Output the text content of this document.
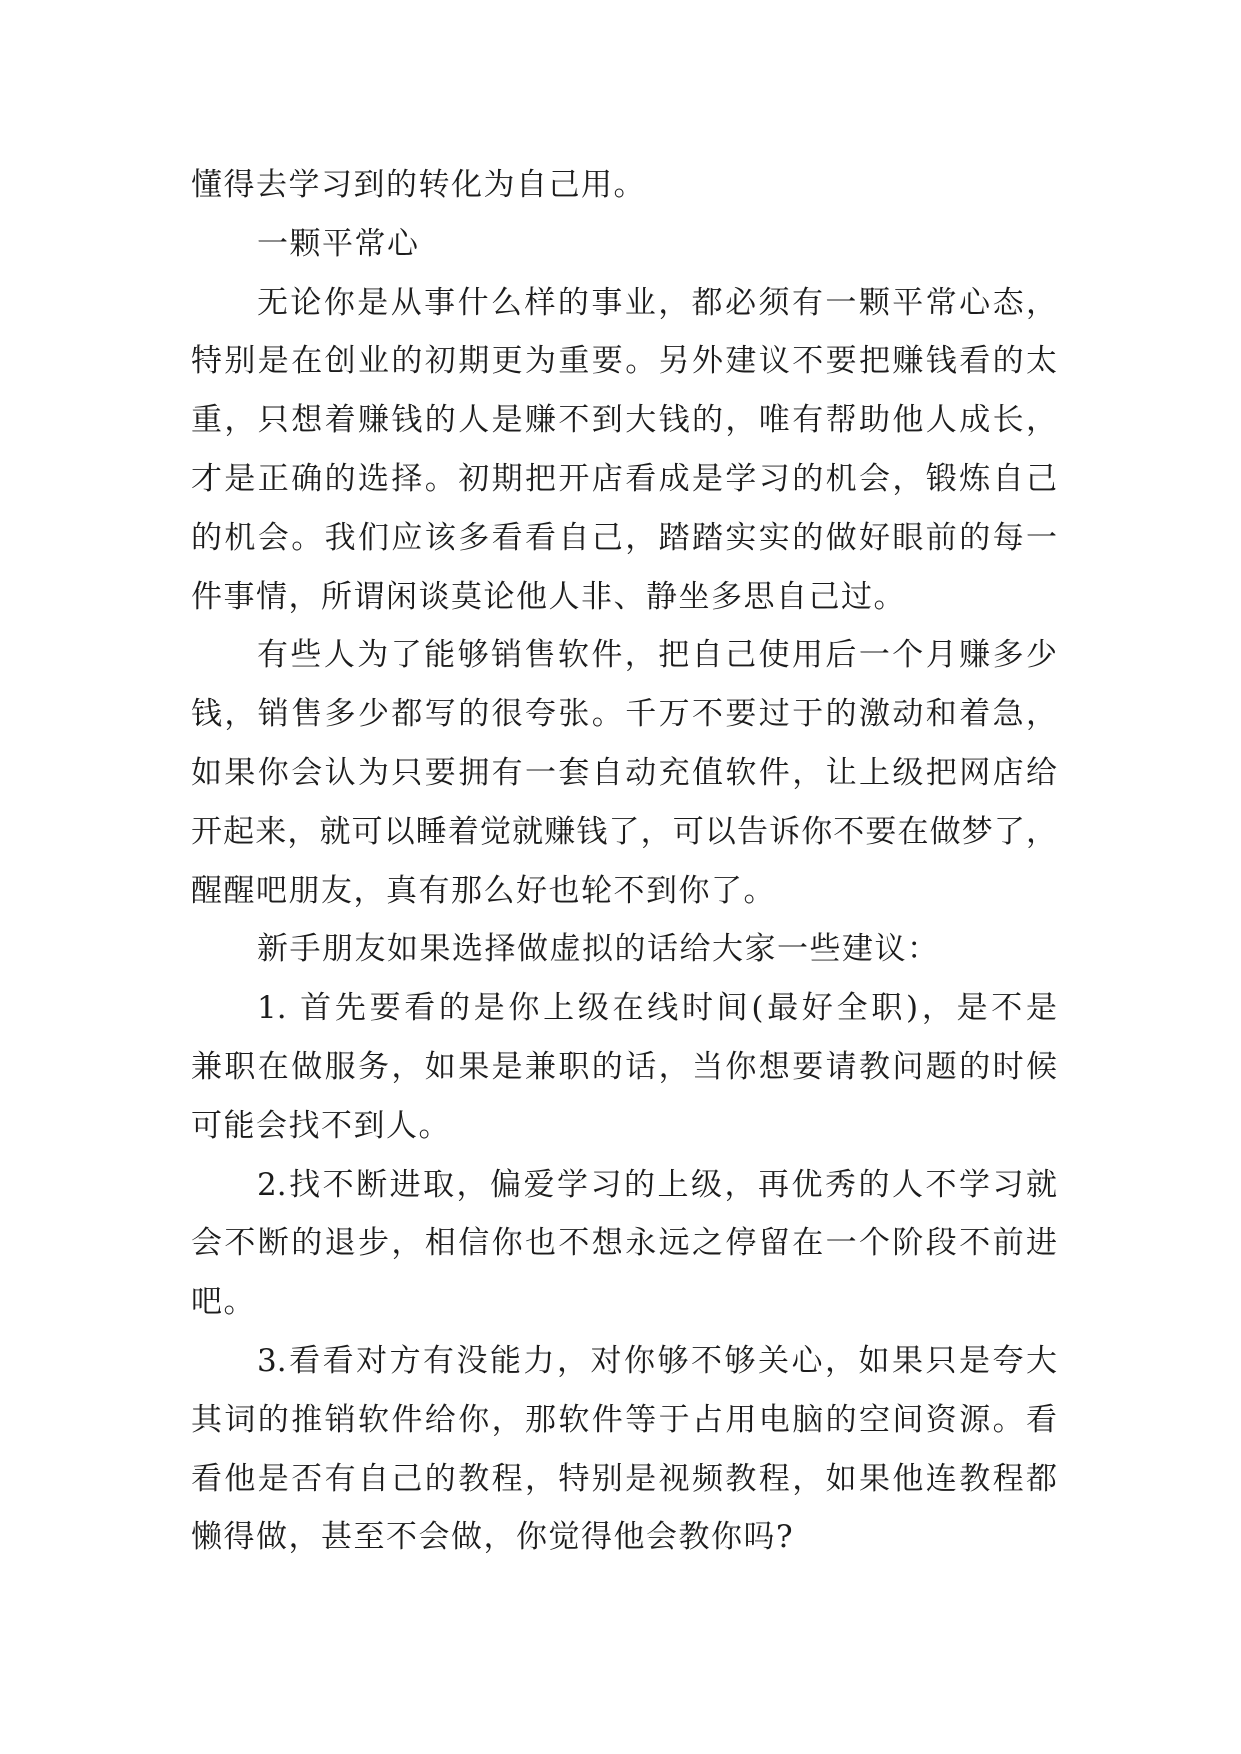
懂得去学习到的转化为自己用。
一颗平常心
无论你是从事什么样的事业，都必须有一颗平常心态，
特别是在创业的初期更为重要。另外建议不要把赚钱看的太
重，只想着赚钱的人是赚不到大钱的，唯有帮助他人成长，
才是正确的选择。初期把开店看成是学习的机会，锻炼自己
的机会。我们应该多看看自己，踏踏实实的做好眼前的每一
件事情，所谓闲谈莫论他人非、静坐多思自己过。
有些人为了能够销售软件，把自己使用后一个月赚多少
钱，销售多少都写的很夸张。千万不要过于的激动和着急，
如果你会认为只要拥有一套自动充值软件，让上级把网店给
开起来，就可以睡着觉就赚钱了，可以告诉你不要在做梦了，
醒醒吧朋友，真有那么好也轮不到你了。
新手朋友如果选择做虚拟的话给大家一些建议：
1. 首先要看的是你上级在线时间(最好全职)，是不是
兼职在做服务，如果是兼职的话，当你想要请教问题的时候
可能会找不到人。
2.找不断进取，偏爱学习的上级，再优秀的人不学习就
会不断的退步，相信你也不想永远之停留在一个阶段不前进
吧。
3.看看对方有没能力，对你够不够关心，如果只是夸大
其词的推销软件给你，那软件等于占用电脑的空间资源。看
看他是否有自己的教程，特别是视频教程，如果他连教程都
懒得做，甚至不会做，你觉得他会教你吗?
